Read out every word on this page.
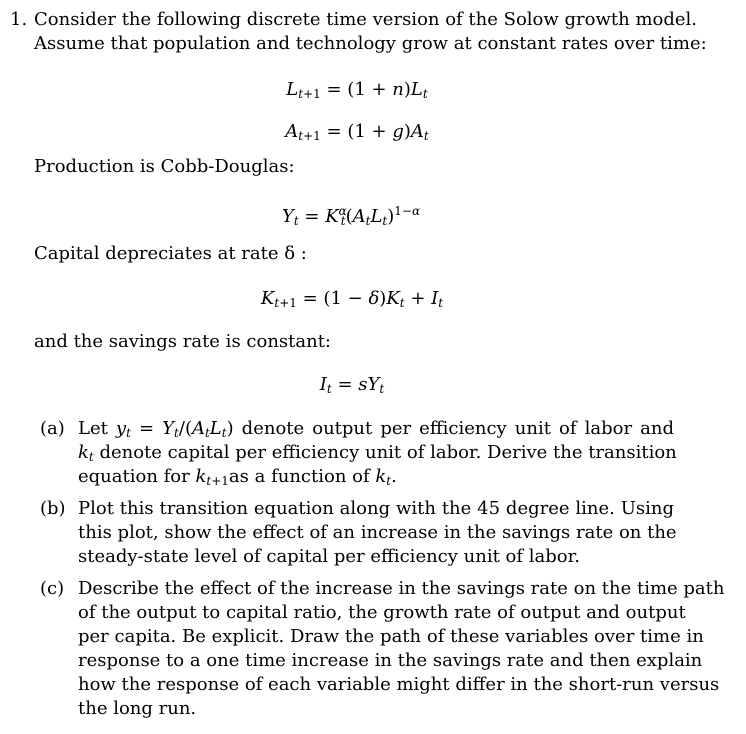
1. Consider the following discrete time version of the Solow growth model.
Assume that population and technology grow at constant rates over time:
$L_{t+1} = (1 + n)L_t$
$A_{t+1} = (1 + g)A_t$
Production is Cobb-Douglas:
$Y_t = K^\alpha_t(A_tL_t)^{1-\alpha}$
Capital depreciates at rate δ :
$K_{t+1} = (1 - \delta)K_t + I_t$
and the savings rate is constant:
$I_t = sY_t$
(a) Let $y_t = Y_t/(A_tL_t)$ denote output per efficiency unit of labor and
$k_t$ denote capital per efficiency unit of labor. Derive the transition
equation for $k_{t+1}as$ a function of $k_t$.
(b) Plot this transition equation along with the 45 degree line. Using
this plot, show the effect of an increase in the savings rate on the
steady-state level of capital per efficiency unit of labor.
(c) Describe the effect of the increase in the savings rate on the time path
of the output to capital ratio, the growth rate of output and output
per capita. Be explicit. Draw the path of these variables over time in
response to a one time increase in the savings rate and then explain
how the response of each variable might differ in the short-run versus
the long run.
